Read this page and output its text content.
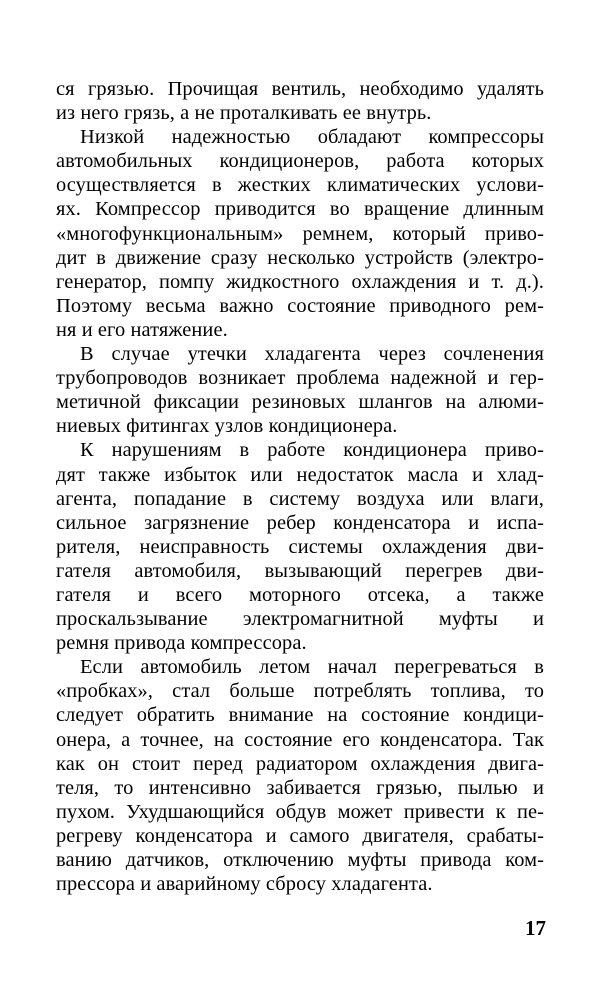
ся грязью. Прочищая вентиль, необходимо удалять
из него грязь, а не проталкивать ее внутрь.
Низкой надежностью обладают компрессоры
автомобильных кондиционеров, работа которых
осуществляется в жестких климатических услови-
ях. Компрессор приводится во вращение длинным
«многофункциональным» ремнем, который приво-
дит в движение сразу несколько устройств (электро-
генератор, помпу жидкостного охлаждения и т. д.).
Поэтому весьма важно состояние приводного рем-
ня и его натяжение.
В случае утечки хладагента через сочленения
трубопроводов возникает проблема надежной и гер-
метичной фиксации резиновых шлангов на алюми-
ниевых фитингах узлов кондиционера.
К нарушениям в работе кондиционера приво-
дят также избыток или недостаток масла и хлад-
агента, попадание в систему воздуха или влаги,
сильное загрязнение ребер конденсатора и испа-
рителя, неисправность системы охлаждения дви-
гателя автомобиля, вызывающий перегрев дви-
гателя и всего моторного отсека, а также
проскальзывание электромагнитной муфты и
ремня привода компрессора.
Если автомобиль летом начал перегреваться в
«пробках», стал больше потреблять топлива, то
следует обратить внимание на состояние кондици-
онера, а точнее, на состояние его конденсатора. Так
как он стоит перед радиатором охлаждения двига-
теля, то интенсивно забивается грязью, пылью и
пухом. Ухудшающийся обдув может привести к пе-
регреву конденсатора и самого двигателя, срабаты-
ванию датчиков, отключению муфты привода ком-
прессора и аварийному сбросу хладагента.
17
